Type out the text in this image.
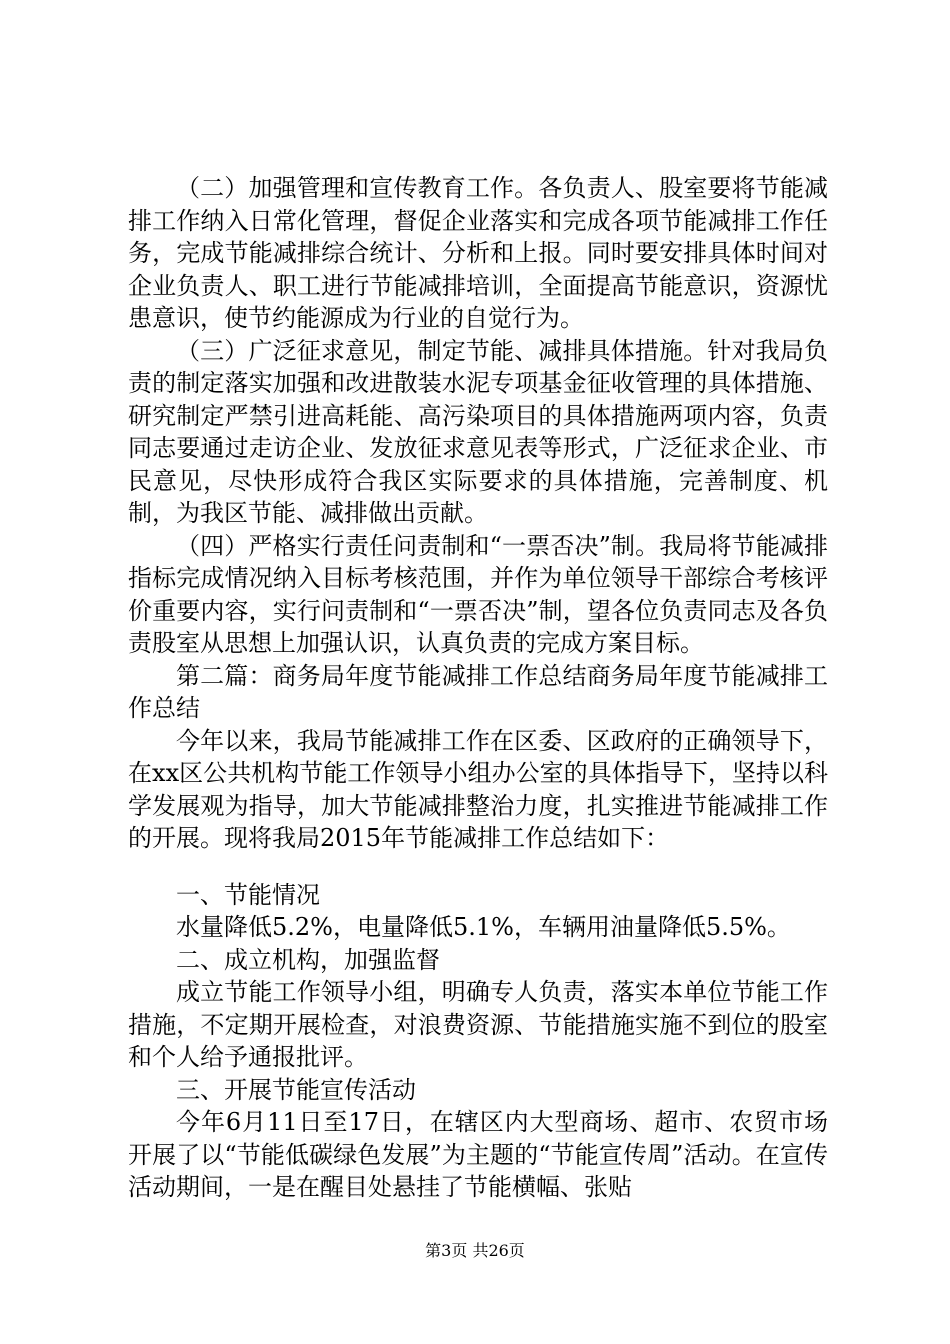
（二）加强管理和宣传教育工作。各负责人、股室要将节能减排工作纳入日常化管理，督促企业落实和完成各项节能减排工作任务，完成节能减排综合统计、分析和上报。同时要安排具体时间对企业负责人、职工进行节能减排培训，全面提高节能意识，资源忧患意识，使节约能源成为行业的自觉行为。

（三）广泛征求意见，制定节能、减排具体措施。针对我局负责的制定落实加强和改进散装水泥专项基金征收管理的具体措施、研究制定严禁引进高耗能、高污染项目的具体措施两项内容，负责同志要通过走访企业、发放征求意见表等形式，广泛征求企业、市民意见，尽快形成符合我区实际要求的具体措施，完善制度、机制，为我区节能、减排做出贡献。

（四）严格实行责任问责制和“一票否决”制。我局将节能减排指标完成情况纳入目标考核范围，并作为单位领导干部综合考核评价重要内容，实行问责制和“一票否决”制，望各位负责同志及各负责股室从思想上加强认识，认真负责的完成方案目标。

第二篇：商务局年度节能减排工作总结商务局年度节能减排工作总结

今年以来，我局节能减排工作在区委、区政府的正确领导下，在xx区公共机构节能工作领导小组办公室的具体指导下，坚持以科学发展观为指导，加大节能减排整治力度，扎实推进节能减排工作的开展。现将我局2015年节能减排工作总结如下：

一、节能情况

水量降低5.2%，电量降低5.1%，车辆用油量降低5.5%。

二、成立机构，加强监督

成立节能工作领导小组，明确专人负责，落实本单位节能工作措施，不定期开展检查，对浪费资源、节能措施实施不到位的股室和个人给予通报批评。

三、开展节能宣传活动

今年6月11日至17日，在辖区内大型商场、超市、农贸市场开展了以“节能低碳绿色发展”为主题的“节能宣传周”活动。在宣传活动期间，一是在醒目处悬挂了节能横幅、张贴

第3页 共26页
